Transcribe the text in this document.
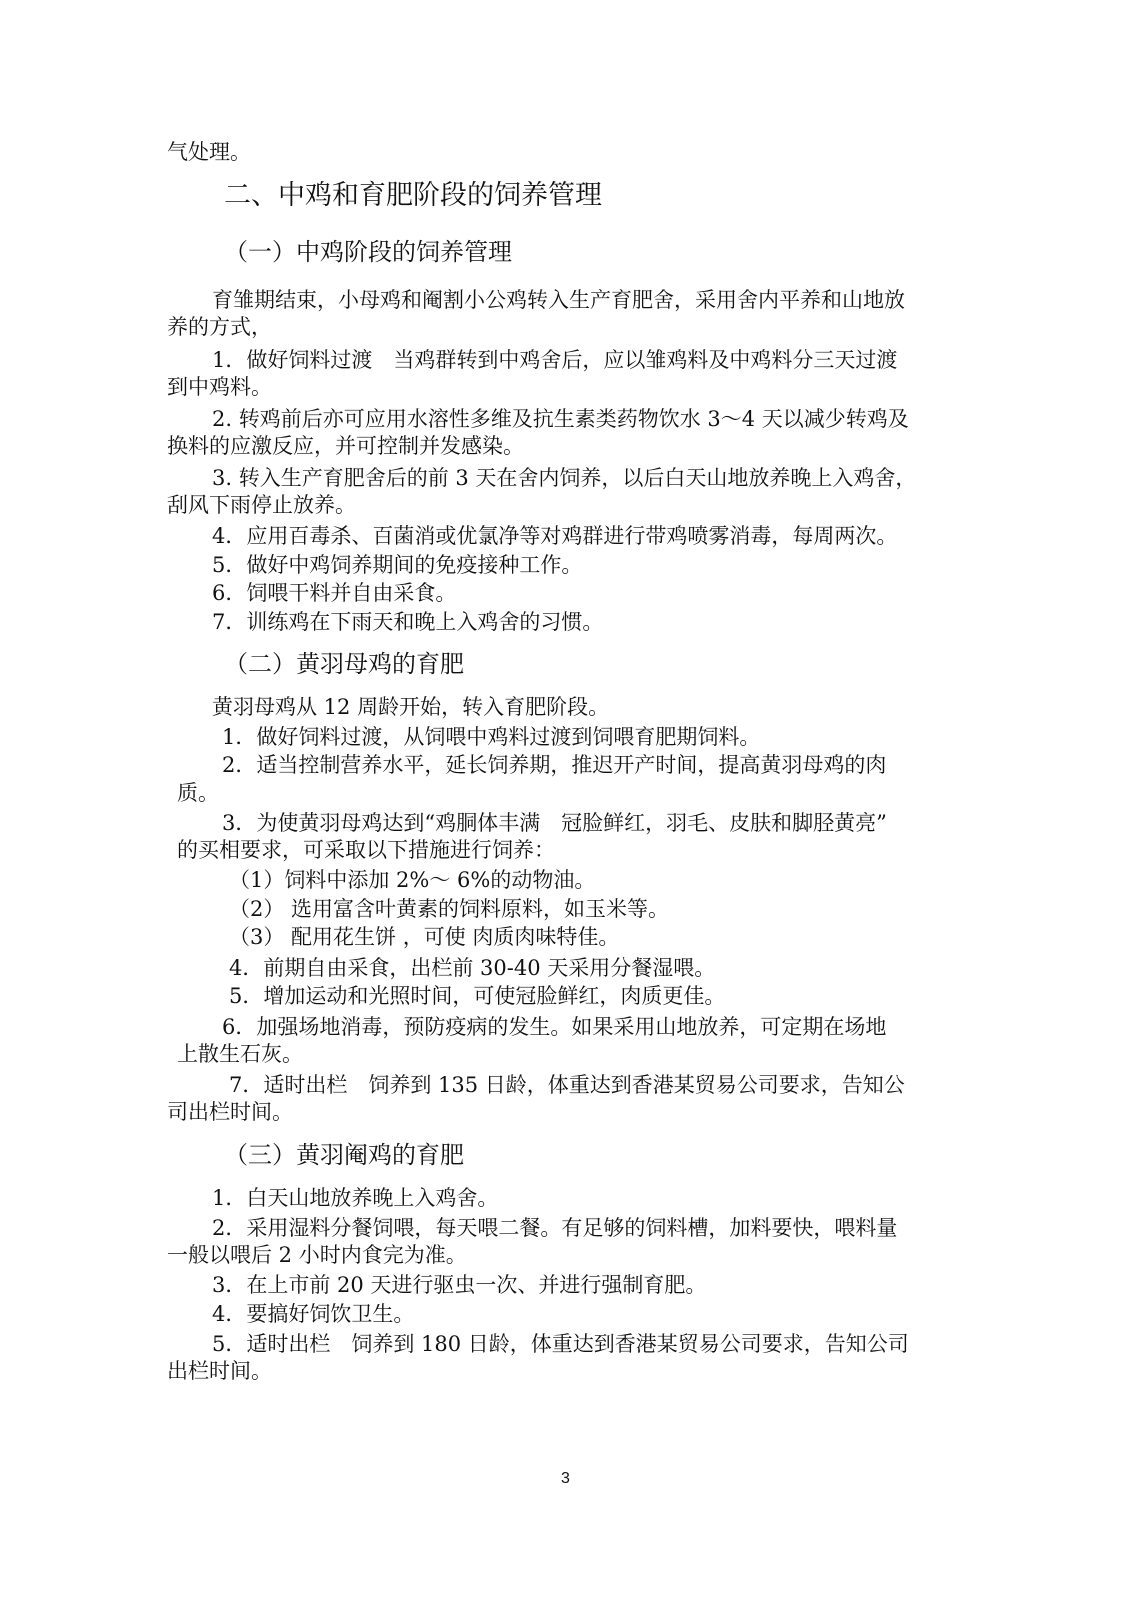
气处理。
二、中鸡和育肥阶段的饲养管理
（一）中鸡阶段的饲养管理
育雏期结束，小母鸡和阉割小公鸡转入生产育肥舍，采用舍内平养和山地放
养的方式，
1．做好饲料过渡　当鸡群转到中鸡舍后，应以雏鸡料及中鸡料分三天过渡
到中鸡料。
2. 转鸡前后亦可应用水溶性多维及抗生素类药物饮水 3～4 天以减少转鸡及
换料的应激反应，并可控制并发感染。
3. 转入生产育肥舍后的前 3 天在舍内饲养，以后白天山地放养晚上入鸡舍，
刮风下雨停止放养。
4．应用百毒杀、百菌消或优氯净等对鸡群进行带鸡喷雾消毒，每周两次。
5．做好中鸡饲养期间的免疫接种工作。
6．饲喂干料并自由采食。
7．训练鸡在下雨天和晚上入鸡舍的习惯。
（二）黄羽母鸡的育肥
黄羽母鸡从 12 周龄开始，转入育肥阶段。
1．做好饲料过渡，从饲喂中鸡料过渡到饲喂育肥期饲料。
2．适当控制营养水平，延长饲养期，推迟开产时间，提高黄羽母鸡的肉
质。
3．为使黄羽母鸡达到“鸡胴体丰满　冠脸鲜红，羽毛、皮肤和脚胫黄亮”
的买相要求，可采取以下措施进行饲养：
（1）饲料中添加 2%～ 6%的动物油。
（2） 选用富含叶黄素的饲料原料，如玉米等。
（3） 配用花生饼 ，可使 肉质肉味特佳。
4．前期自由采食，出栏前 30-40 天采用分餐湿喂。
5．增加运动和光照时间，可使冠脸鲜红，肉质更佳。
6．加强场地消毒，预防疫病的发生。如果采用山地放养，可定期在场地
上散生石灰。
7．适时出栏　饲养到 135 日龄，体重达到香港某贸易公司要求，告知公
司出栏时间。
（三）黄羽阉鸡的育肥
1．白天山地放养晚上入鸡舍。
2．采用湿料分餐饲喂，每天喂二餐。有足够的饲料槽，加料要快，喂料量
一般以喂后 2 小时内食完为准。
3．在上市前 20 天进行驱虫一次、并进行强制育肥。
4．要搞好饲饮卫生。
5．适时出栏　饲养到 180 日龄，体重达到香港某贸易公司要求，告知公司
出栏时间。
3
